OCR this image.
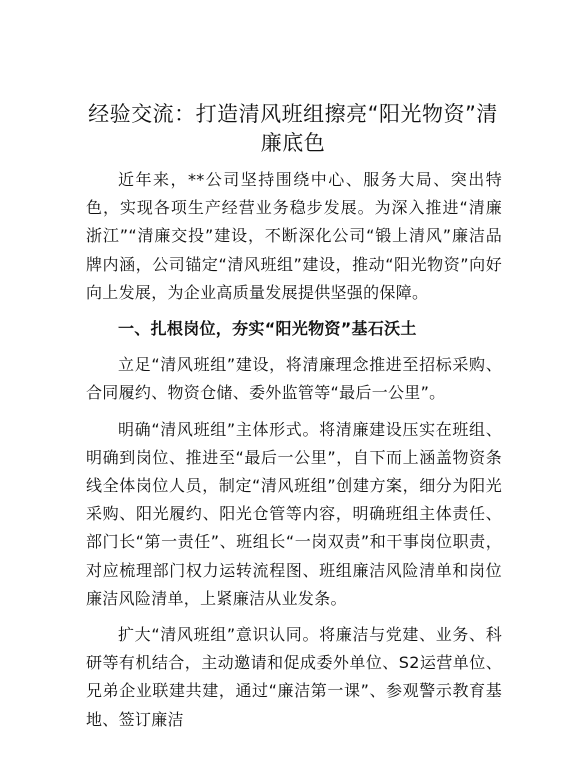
经验交流：打造清风班组擦亮“阳光物资”清廉底色

近年来，**公司坚持围绕中心、服务大局、突出特色，实现各项生产经营业务稳步发展。为深入推进“清廉浙江”“清廉交投”建设，不断深化公司“锻上清风”廉洁品牌内涵，公司锚定“清风班组”建设，推动“阳光物资”向好向上发展，为企业高质量发展提供坚强的保障。

一、扎根岗位，夯实“阳光物资”基石沃土

立足“清风班组”建设，将清廉理念推进至招标采购、合同履约、物资仓储、委外监管等“最后一公里”。

明确“清风班组”主体形式。将清廉建设压实在班组、明确到岗位、推进至“最后一公里”，自下而上涵盖物资条线全体岗位人员，制定“清风班组”创建方案，细分为阳光采购、阳光履约、阳光仓管等内容，明确班组主体责任、部门长“第一责任”、班组长“一岗双责”和干事岗位职责，对应梳理部门权力运转流程图、班组廉洁风险清单和岗位廉洁风险清单，上紧廉洁从业发条。

扩大“清风班组”意识认同。将廉洁与党建、业务、科研等有机结合，主动邀请和促成委外单位、S2运营单位、兄弟企业联建共建，通过“廉洁第一课”、参观警示教育基地、签订廉洁
